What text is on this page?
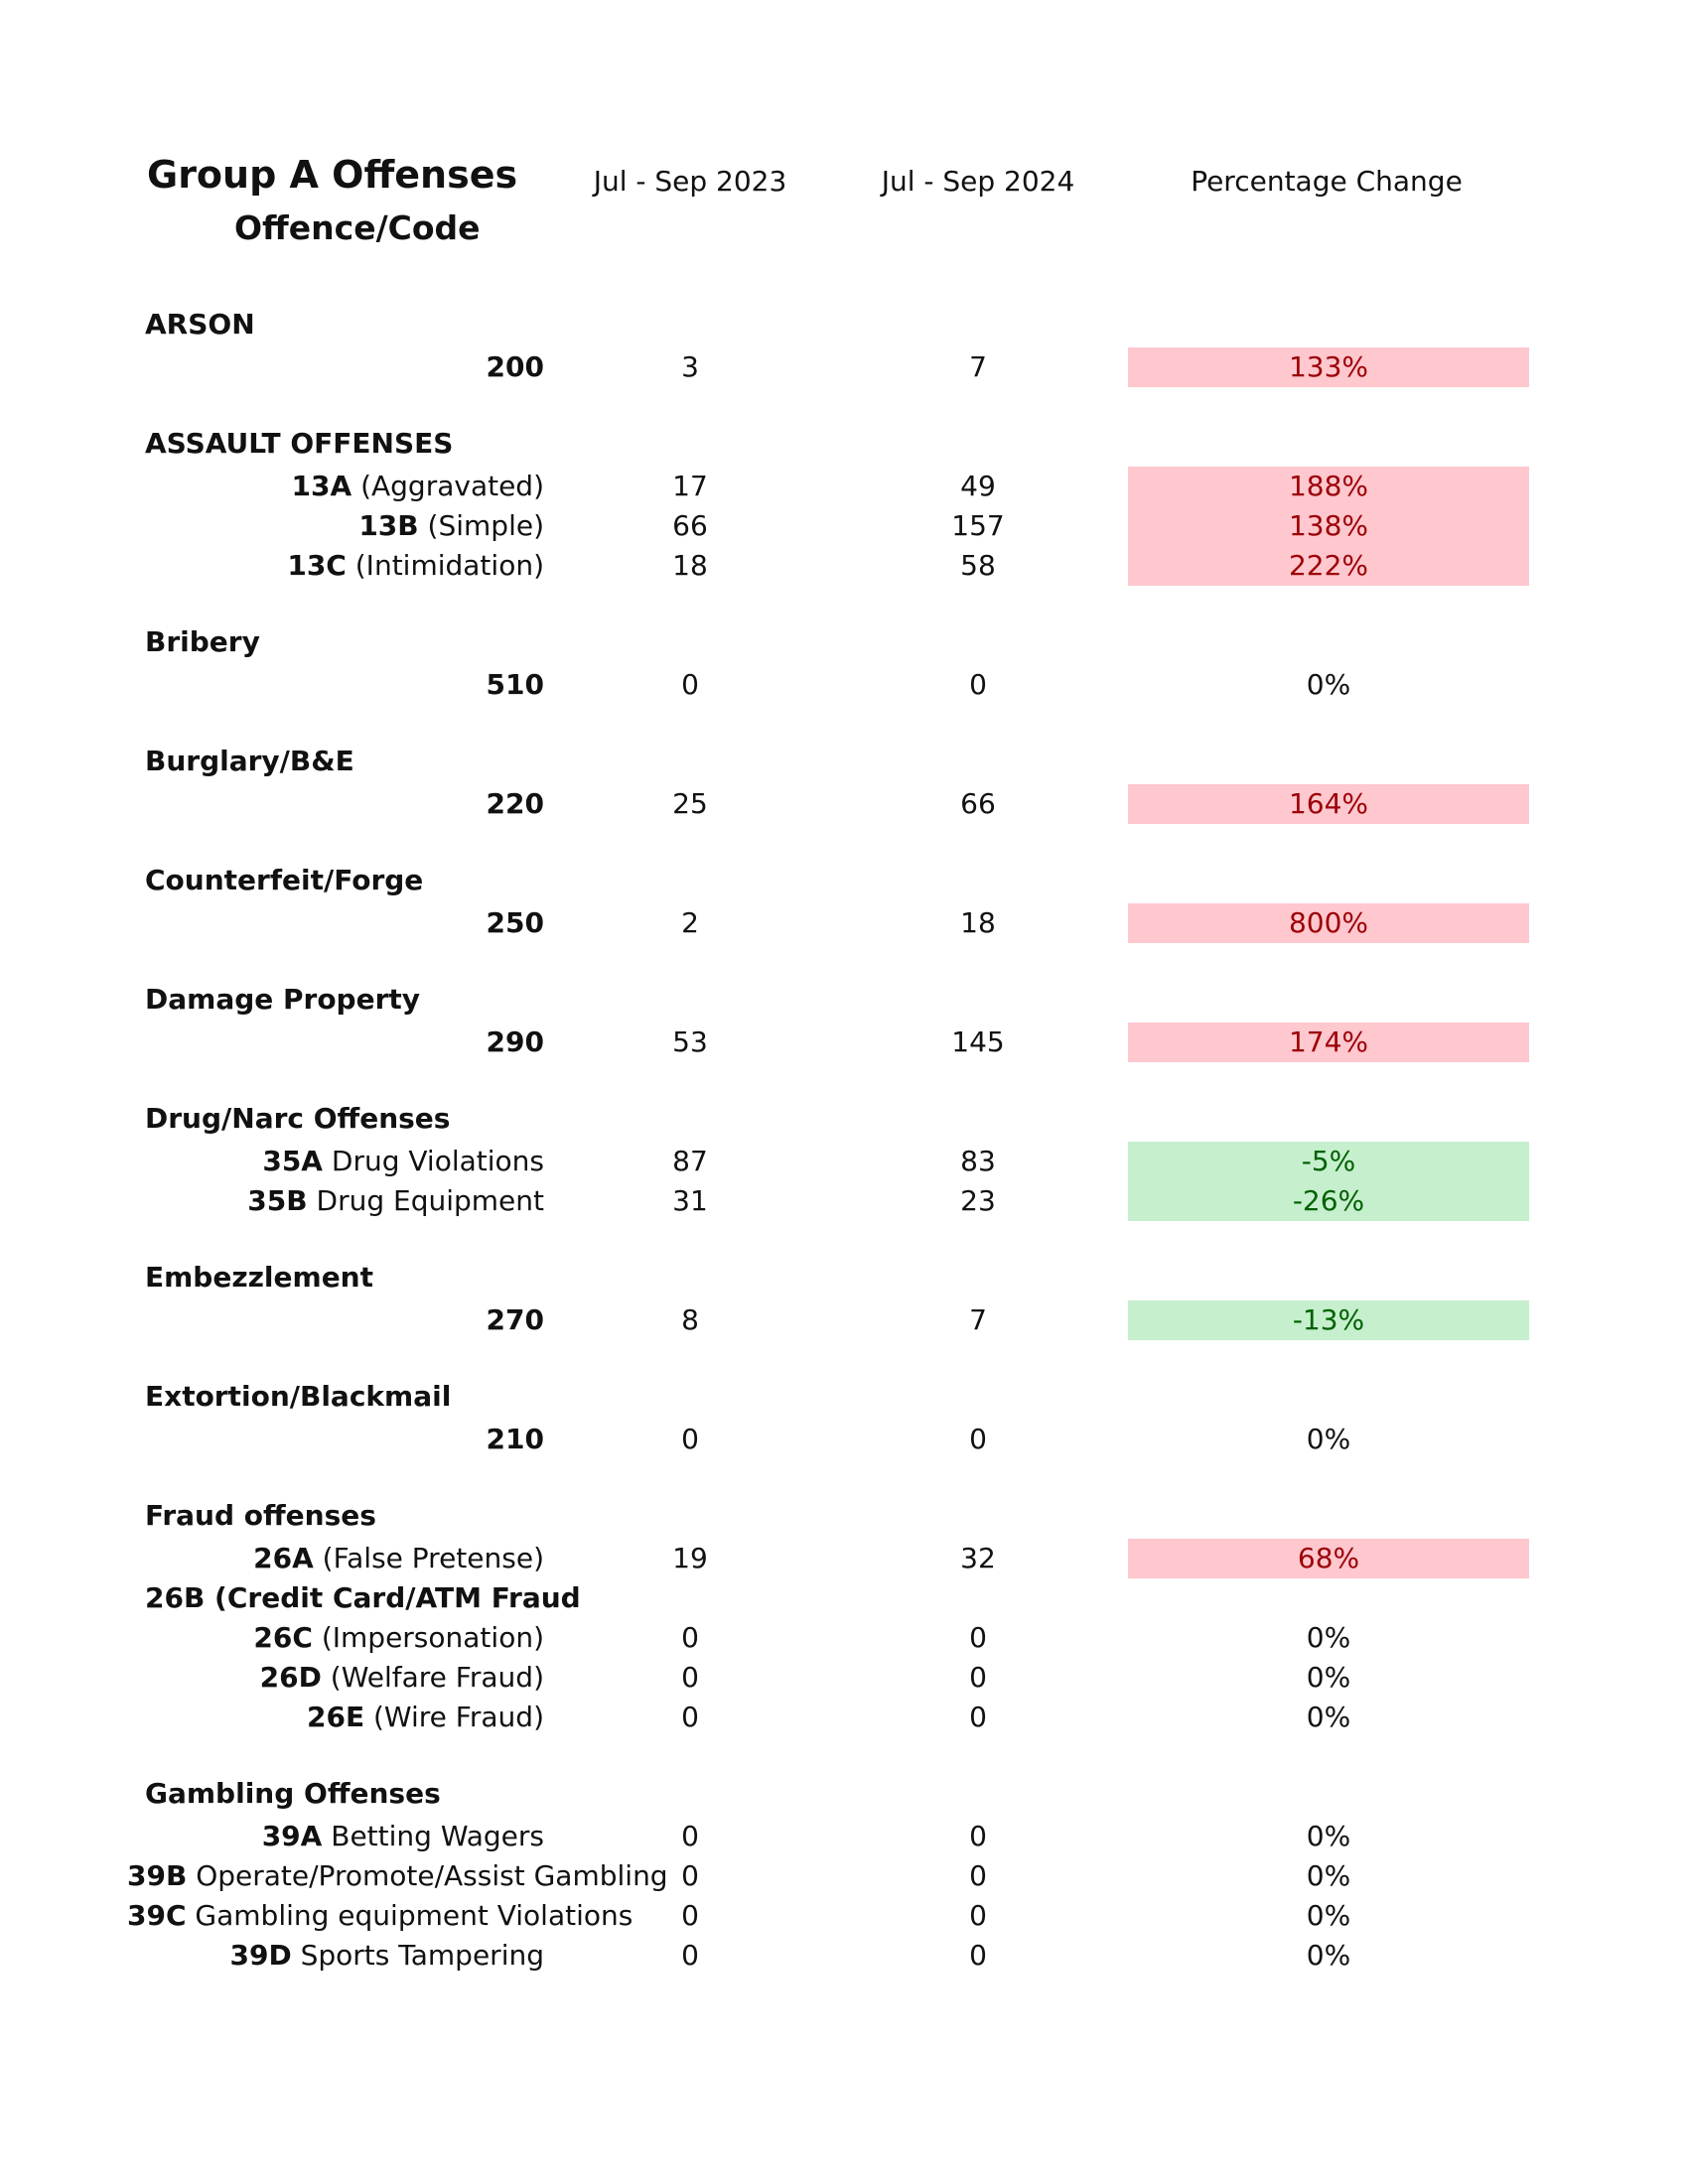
Group A Offenses
Offence/Code
Jul - Sep 2023	Jul - Sep 2024	Percentage Change
ARSON
200	3	7	133%
ASSAULT OFFENSES
13A (Aggravated)	17	49	188%
13B (Simple)	66	157	138%
13C (Intimidation)	18	58	222%
Bribery
510	0	0	0%
Burglary/B&E
220	25	66	164%
Counterfeit/Forge
250	2	18	800%
Damage Property
290	53	145	174%
Drug/Narc Offenses
35A Drug Violations	87	83	-5%
35B Drug Equipment	31	23	-26%
Embezzlement
270	8	7	-13%
Extortion/Blackmail
210	0	0	0%
Fraud offenses
26A (False Pretense)	19	32	68%
26B (Credit Card/ATM Fraud
26C (Impersonation)	0	0	0%
26D (Welfare Fraud)	0	0	0%
26E (Wire Fraud)	0	0	0%
Gambling Offenses
39A Betting Wagers	0	0	0%
39B Operate/Promote/Assist Gambling 0	0	0%
39C Gambling equipment Violations	0	0	0%
39D Sports Tampering	0	0	0%
